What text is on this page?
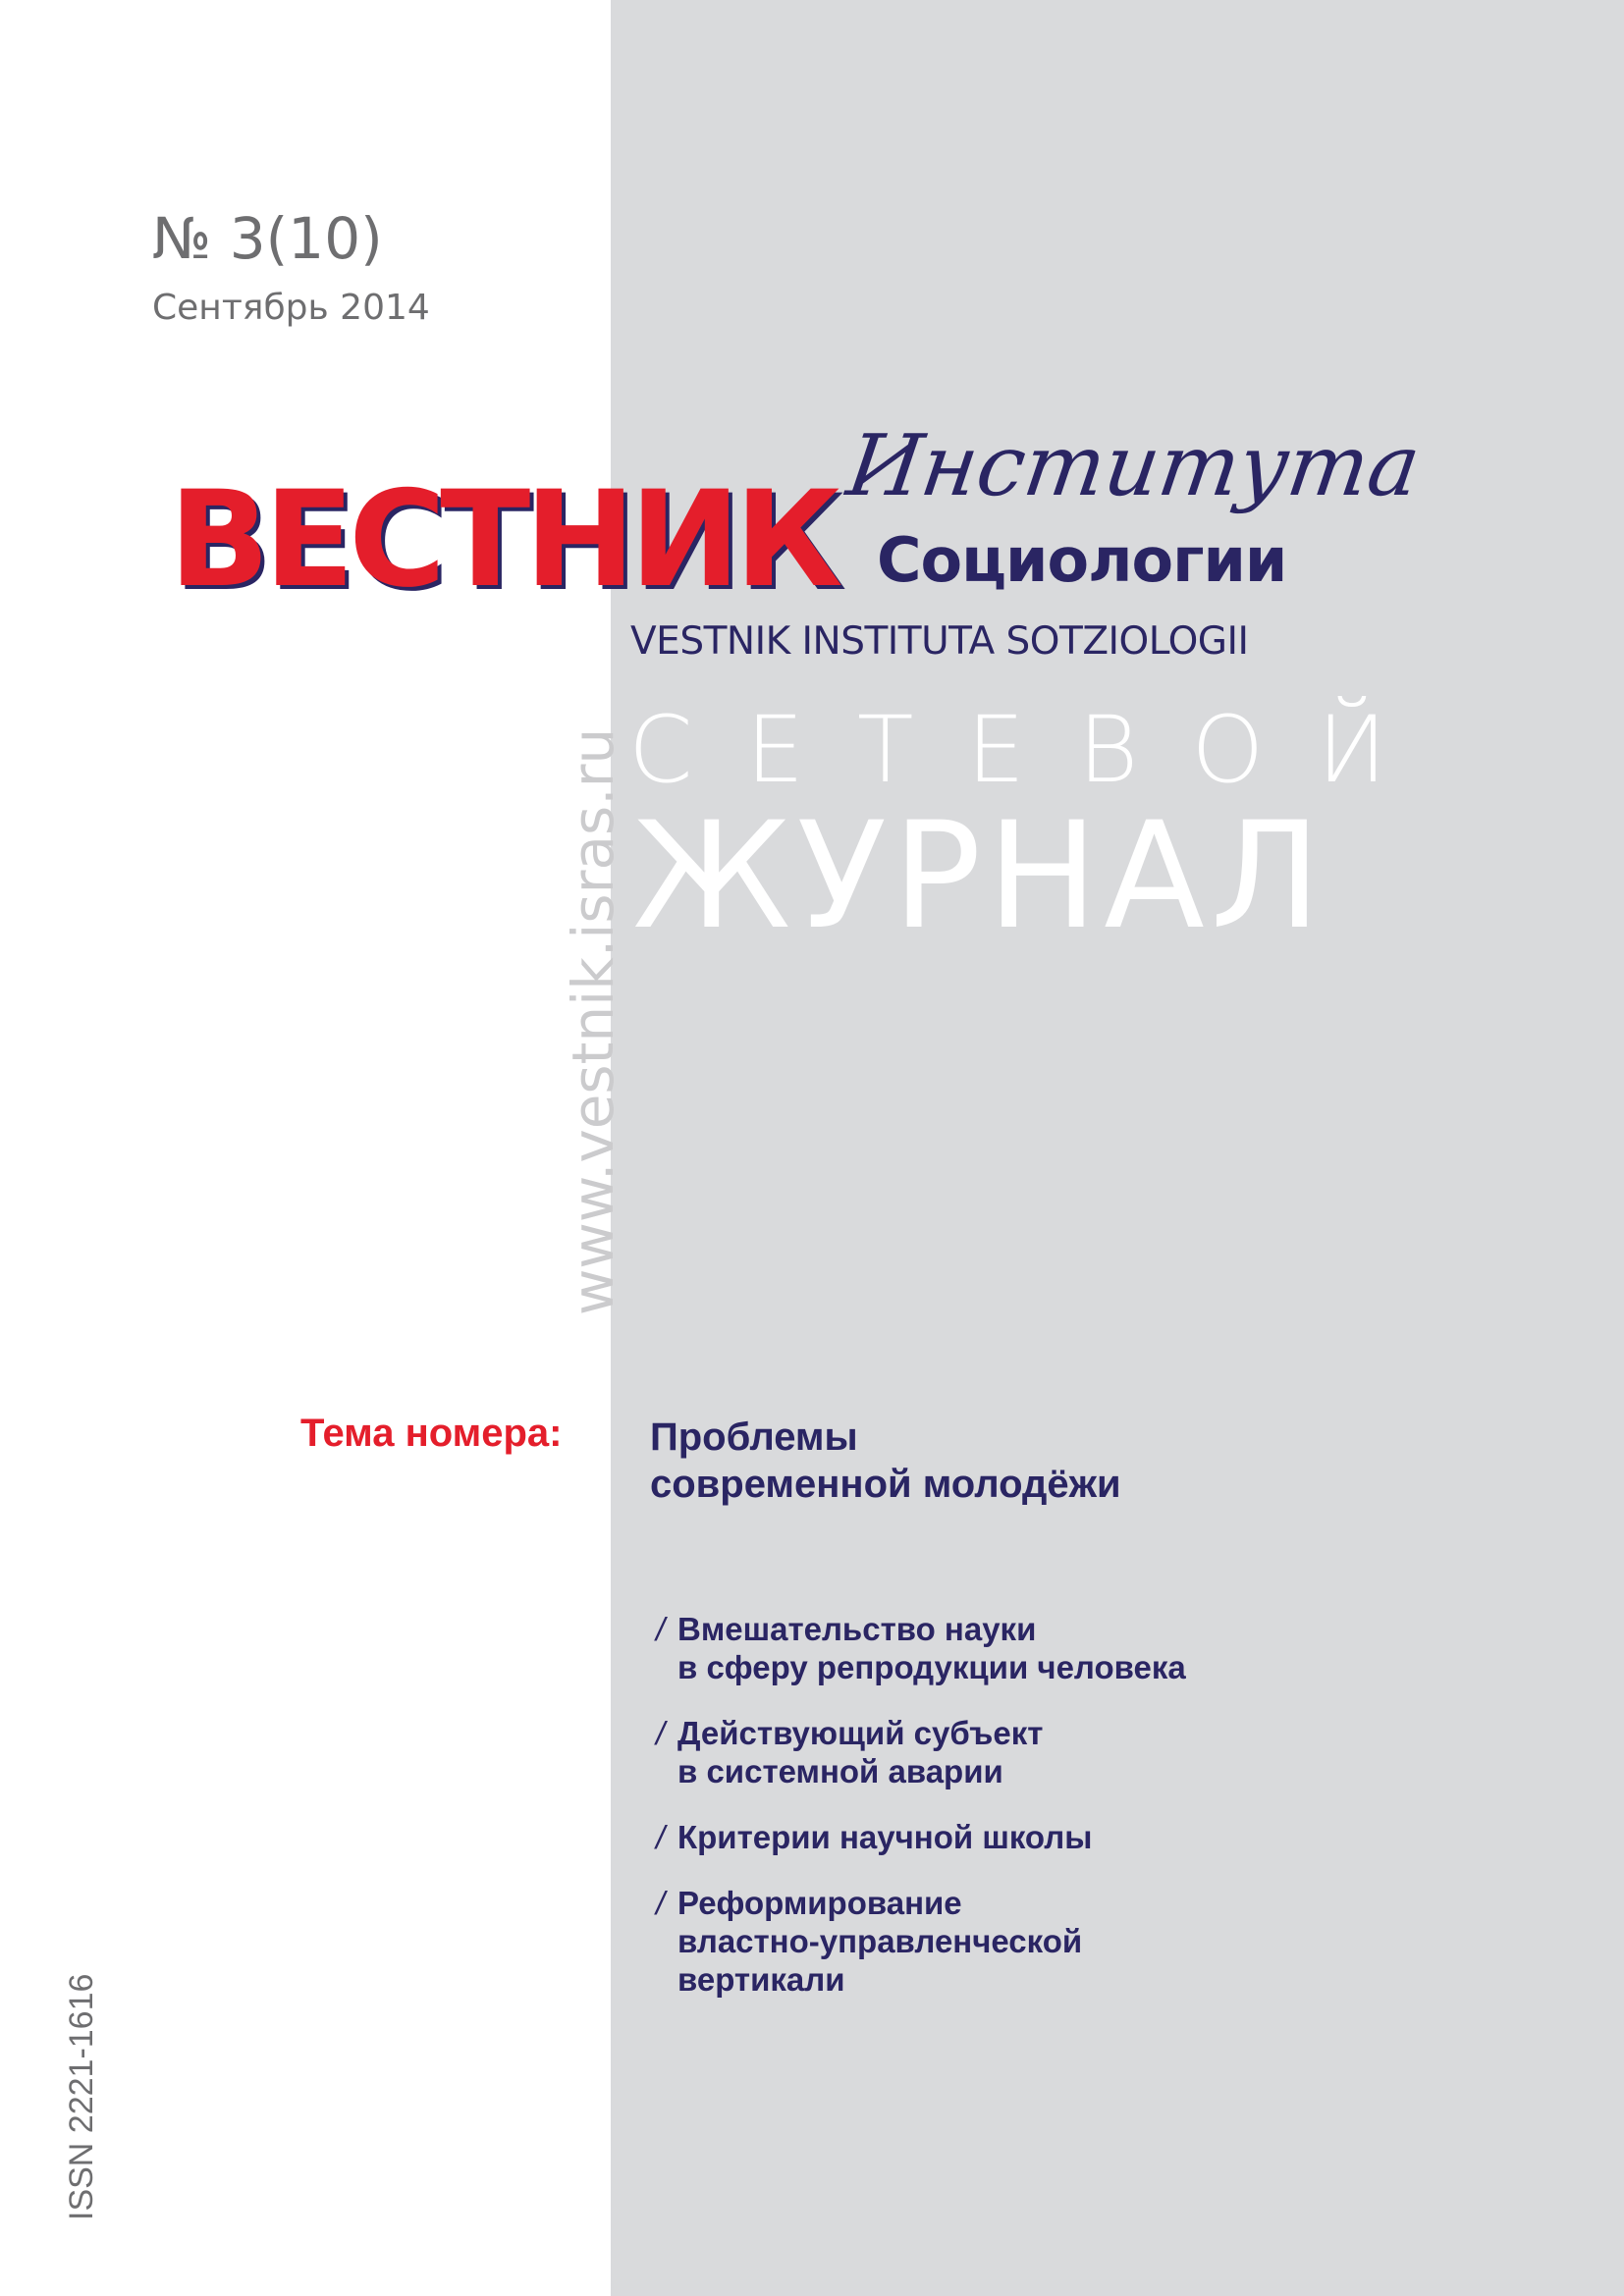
№ 3(10)
Сентябрь 2014
ВЕСТНИК Института
Социологии
VESTNIK INSTITUTA SOTZIOLOGII
СЕТЕВОЙ
ЖУРНАЛ
www.vestnik.isras.ru
ISSN 2221-1616
Тема номера: Проблемы
современной молодёжи
/ Вмешательство науки
в сферу репродукции человека
/ Действующий субъект
в системной аварии
/ Критерии научной школы
/ Реформирование
властно-управленческой
вертикали
